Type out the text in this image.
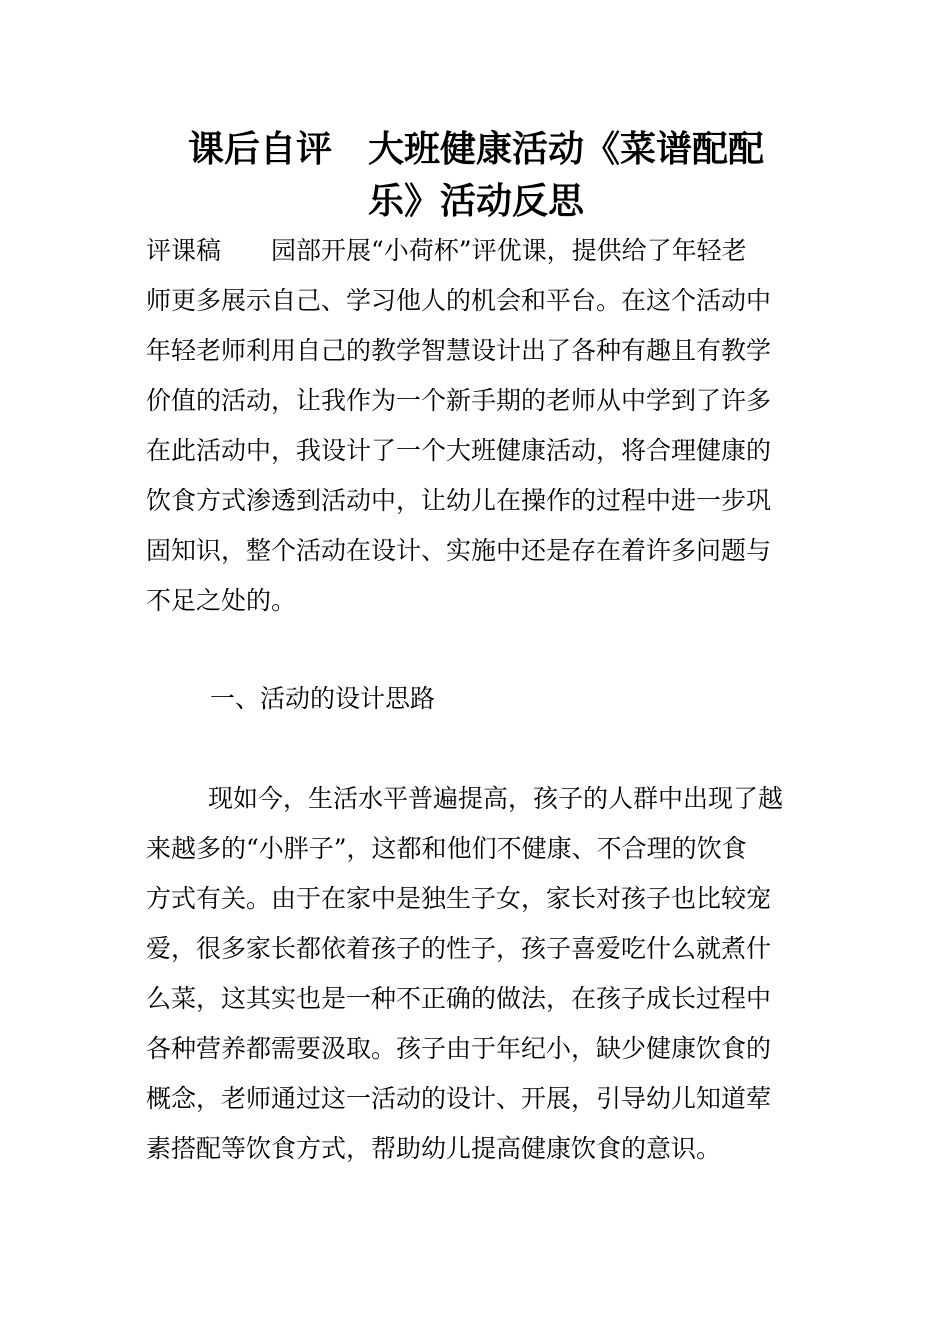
课后自评　大班健康活动《菜谱配配
乐》活动反思
评课稿　　园部开展“小荷杯”评优课，提供给了年轻老
师更多展示自己、学习他人的机会和平台。在这个活动中
年轻老师利用自己的教学智慧设计出了各种有趣且有教学
价值的活动，让我作为一个新手期的老师从中学到了许多
在此活动中，我设计了一个大班健康活动，将合理健康的
饮食方式渗透到活动中，让幼儿在操作的过程中进一步巩
固知识，整个活动在设计、实施中还是存在着许多问题与
不足之处的。
一、活动的设计思路
现如今，生活水平普遍提高，孩子的人群中出现了越
来越多的“小胖子”，这都和他们不健康、不合理的饮食
方式有关。由于在家中是独生子女，家长对孩子也比较宠
爱，很多家长都依着孩子的性子，孩子喜爱吃什么就煮什
么菜，这其实也是一种不正确的做法，在孩子成长过程中
各种营养都需要汲取。孩子由于年纪小，缺少健康饮食的
概念，老师通过这一活动的设计、开展，引导幼儿知道荤
素搭配等饮食方式，帮助幼儿提高健康饮食的意识。
